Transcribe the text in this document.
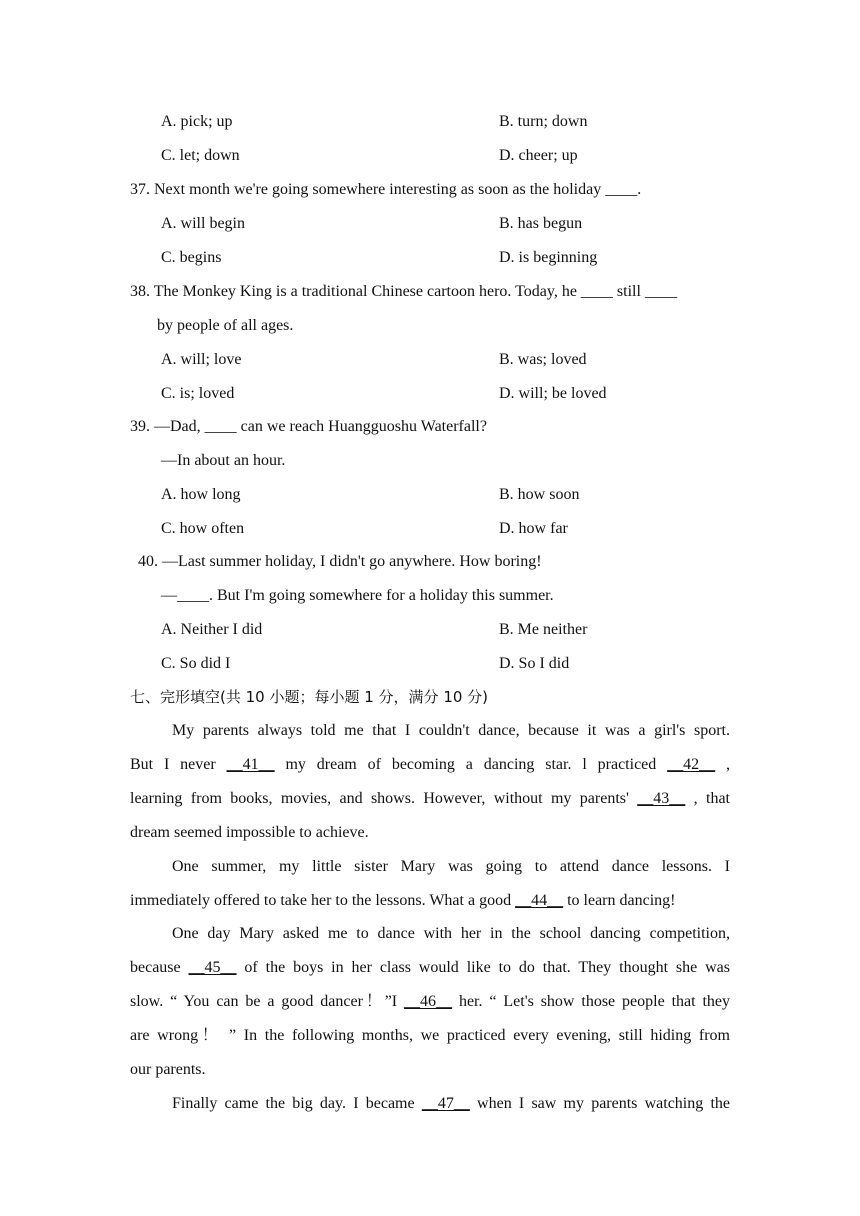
A. pick; up	B. turn; down
C. let; down	D. cheer; up
37. Next month we're going somewhere interesting as soon as the holiday ____.
A. will begin	B. has begun
C. begins	D. is beginning
38. The Monkey King is a traditional Chinese cartoon hero. Today, he ____ still ____
by people of all ages.
A. will; love	B. was; loved
C. is; loved	D. will; be loved
39. —Dad, ____ can we reach Huangguoshu Waterfall?
—In about an hour.
A. how long	B. how soon
C. how often	D. how far
40. —Last summer holiday, I didn't go anywhere. How boring!
—____. But I'm going somewhere for a holiday this summer.
A. Neither I did	B. Me neither
C. So did I	D. So I did
七、完形填空(共 10 小题；每小题 1 分，满分 10 分)
My parents always told me that I couldn't dance, because it was a girl's sport.
But I never __41__ my dream of becoming a dancing star. l practiced __42__ ,
learning from books, movies, and shows. However, without my parents' __43__ , that
dream seemed impossible to achieve.
One summer, my little sister Mary was going to attend dance lessons. I
immediately offered to take her to the lessons. What a good __44__ to learn dancing!
One day Mary asked me to dance with her in the school dancing competition,
because __45__ of the boys in her class would like to do that. They thought she was
slow. “ You can be a good dancer！”I __46__ her. “ Let's show those people that they
are wrong！ ” In the following months, we practiced every evening, still hiding from
our parents.
Finally came the big day. I became __47__ when I saw my parents watching the
